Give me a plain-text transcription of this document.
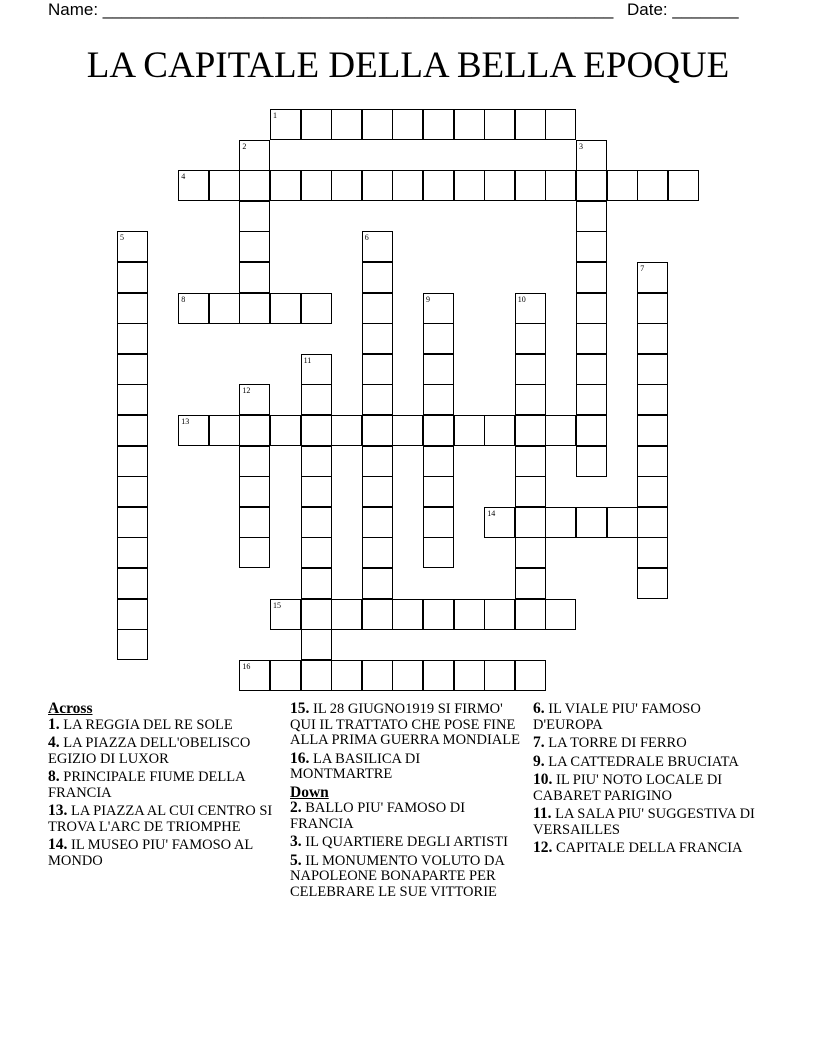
Name: ______________________________________________________ Date: _______
LA CAPITALE DELLA BELLA EPOQUE
1
2	3
4
5	6
7
8	9	10
11
12
13
14
15
16
Across
1. LA REGGIA DEL RE SOLE
4. LA PIAZZA DELL'OBELISCO EGIZIO DI LUXOR
8. PRINCIPALE FIUME DELLA FRANCIA
13. LA PIAZZA AL CUI CENTRO SI TROVA L'ARC DE TRIOMPHE
14. IL MUSEO PIU' FAMOSO AL MONDO
15. IL 28 GIUGNO1919 SI FIRMO' QUI IL TRATTATO CHE POSE FINE ALLA PRIMA GUERRA MONDIALE
16. LA BASILICA DI MONTMARTRE
Down
2. BALLO PIU' FAMOSO DI FRANCIA
3. IL QUARTIERE DEGLI ARTISTI
5. IL MONUMENTO VOLUTO DA NAPOLEONE BONAPARTE PER CELEBRARE LE SUE VITTORIE
6. IL VIALE PIU' FAMOSO D'EUROPA
7. LA TORRE DI FERRO
9. LA CATTEDRALE BRUCIATA
10. IL PIU' NOTO LOCALE DI CABARET PARIGINO
11. LA SALA PIU' SUGGESTIVA DI VERSAILLES
12. CAPITALE DELLA FRANCIA
